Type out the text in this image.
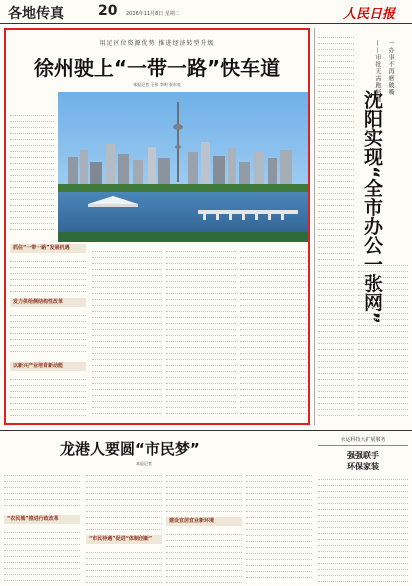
各地传真 20 2016年11月8日 星期二	人民日报
用足区位资源优势 推进经济转型升级
徐州驶上“一带一路”快车道
本报记者 王伟 李明 张东亮
抓住“一带一路”发展机遇
发力供给侧结构性改革
以新兴产业培育新动能
一办事不再磨破嘴
——审批无需跑断腿
沈阳实现“全市办公一张网”
龙港人要圆“市民梦”
本报记者
“农民城”推进行政改革
“市民待遇”促进“体制创新”
建设宜居宜业新环境
水运科技大扩展服务
强强联手
环保家装
